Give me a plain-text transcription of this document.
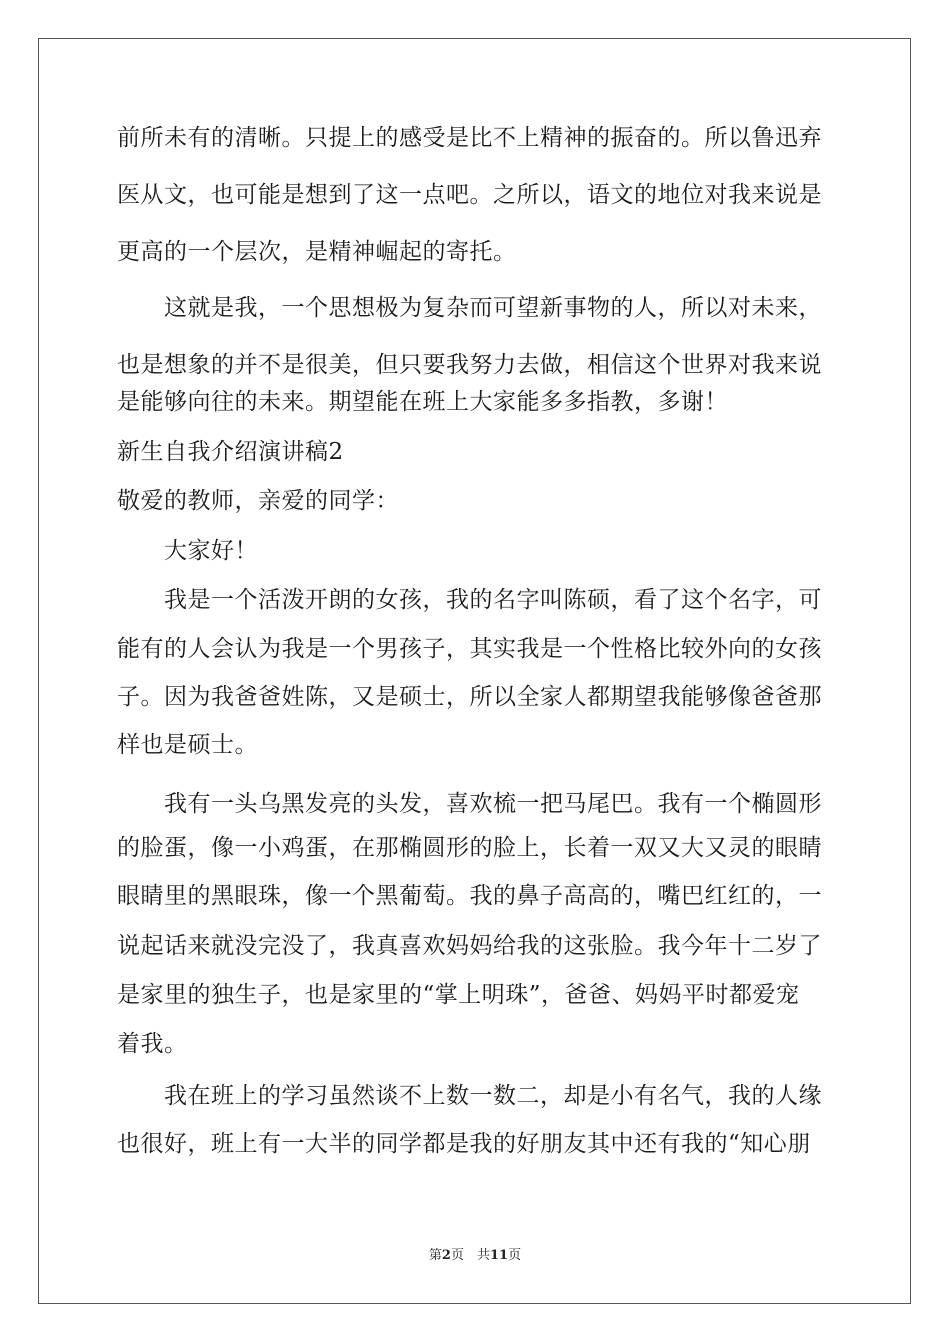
前所未有的清晰。只提上的感受是比不上精神的振奋的。所以鲁迅弃
医从文，也可能是想到了这一点吧。之所以，语文的地位对我来说是
更高的一个层次，是精神崛起的寄托。
　　这就是我，一个思想极为复杂而可望新事物的人，所以对未来，
也是想象的并不是很美，但只要我努力去做，相信这个世界对我来说
是能够向往的未来。期望能在班上大家能多多指教，多谢！
新生自我介绍演讲稿2
敬爱的教师，亲爱的同学：
　　大家好！
　　我是一个活泼开朗的女孩，我的名字叫陈硕，看了这个名字，可
能有的人会认为我是一个男孩子，其实我是一个性格比较外向的女孩
子。因为我爸爸姓陈，又是硕士，所以全家人都期望我能够像爸爸那
样也是硕士。
　　我有一头乌黑发亮的头发，喜欢梳一把马尾巴。我有一个椭圆形
的脸蛋，像一小鸡蛋，在那椭圆形的脸上，长着一双又大又灵的眼睛
眼睛里的黑眼珠，像一个黑葡萄。我的鼻子高高的，嘴巴红红的，一
说起话来就没完没了，我真喜欢妈妈给我的这张脸。我今年十二岁了
是家里的独生子，也是家里的“掌上明珠”，爸爸、妈妈平时都爱宠
着我。
　　我在班上的学习虽然谈不上数一数二，却是小有名气，我的人缘
也很好，班上有一大半的同学都是我的好朋友其中还有我的“知心朋
第2页　共11页
